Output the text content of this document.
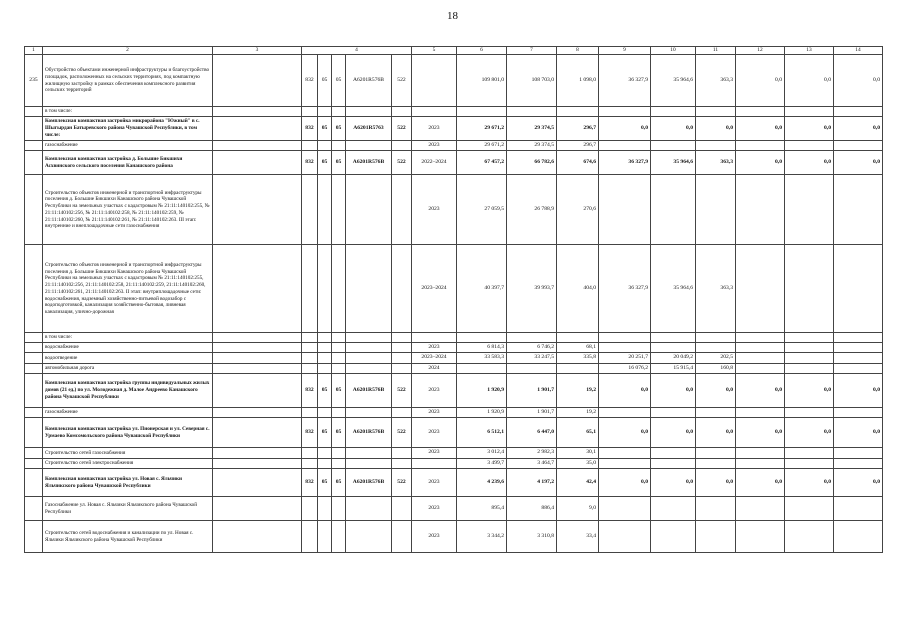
18
1	2	3	4					5	6	7	8	9	10	11	12	13	14
235	Обустройство объектами инженерной инфраструктуры и благоустройство площадок, расположенных на сельских территориях, под компактную жилищную застройку в рамках обеспечения комплексного развития сельских территорий		832	05	05	А6201R576В	522		109 801,0	108 703,0	1 098,0	36 327,9	35 964,6	363,3	0,0	0,0	0,0
	в том числе:																
	Комплексная компактная застройка микрорайона "Южный" в с. Шыгырдан Батыревского района Чувашской Республики, в том числе:		832	05	05	А6201R5763	522	2023	29 671,2	29 374,5	296,7	0,0	0,0	0,0	0,0	0,0	0,0
	газоснабжение							2023	29 671,2	29 374,5	296,7						
	Комплексная компактная застройка д. Большие Бикшихи Асхвинского сельского поселения Канашского района		832	05	05	А6201R576В	522	2022–2024	67 457,2	66 782,6	674,6	36 327,9	35 964,6	363,3	0,0	0,0	0,0
	Строительство объектов инженерной и транспортной инфраструктуры поселения д. Большие Бикшихи Канашского района Чувашской Республики на земельных участках с кадастровым № 21:11:140102:255, № 21:11:140102:256, № 21:11:140102:258, № 21:11:140102:259, № 21:11:140102:260, № 21:11:140102:261, № 21:11:140102:263. III этап: внутренние и внеплощадочные сети газоснабжения							2023	27 059,5	26 788,9	270,6						
	Строительство объектов инженерной и транспортной инфраструктуры поселения д. Большие Бикшихи Канашского района Чувашской Республики на земельных участках с кадастровым № 21:11:140102:255, 21:11:140102:256, 21:11:140102:258, 21:11:140102:259, 21:11:140102:260, 21:11:140102:261, 21:11:140102:263. II этап: внутриплощадочные сети: водоснабжения, надземный хозяйственно-питьевой водозабор с водоподготовкой, канализация хозяйственно-бытовая, ливневая канализация, улично-дорожная							2023–2024	40 397,7	39 993,7	404,0	36 327,9	35 964,6	363,3			
	в том числе:																
	водоснабжение							2023	6 814,3	6 746,2	68,1						
	водоотведение							2023–2024	33 583,3	33 247,5	335,8	20 251,7	20 049,2	202,5			
	автомобильная дорога							2024				16 076,2	15 915,4	160,8			
	Комплексная компактная застройка группы индивидуальных жилых домов (21 ед.) по ул. Молодежная д. Малое Андреево Канашского района Чувашской Республики		832	05	05	А6201R576В	522	2023	1 920,9	1 901,7	19,2	0,0	0,0	0,0	0,0	0,0	0,0
	газоснабжение							2023	1 920,9	1 901,7	19,2						
	Комплексная компактная застройка ул. Пионерская и ул. Северная с. Урмаево Комсомольского района Чувашской Республики		832	05	05	А6201R576В	522	2023	6 512,1	6 447,0	65,1	0,0	0,0	0,0	0,0	0,0	0,0
	Строительство сетей газоснабжения							2023	3 012,4	2 982,3	30,1						
	Строительство сетей электроснабжения								3 499,7	3 464,7	35,0						
	Комплексная компактная застройка ул. Новая с. Яльчики Яльчикского района Чувашской Республики		832	05	05	А6201R576В	522	2023	4 239,6	4 197,2	42,4	0,0	0,0	0,0	0,0	0,0	0,0
	Газоснабжение ул. Новая с. Яльчики Яльчикского района Чувашской Республики							2023	895,4	886,4	9,0						
	Строительство сетей водоснабжения и канализации по ул. Новая с. Яльчики Яльчикского района Чувашской Республики							2023	3 344,2	3 310,8	33,4						
